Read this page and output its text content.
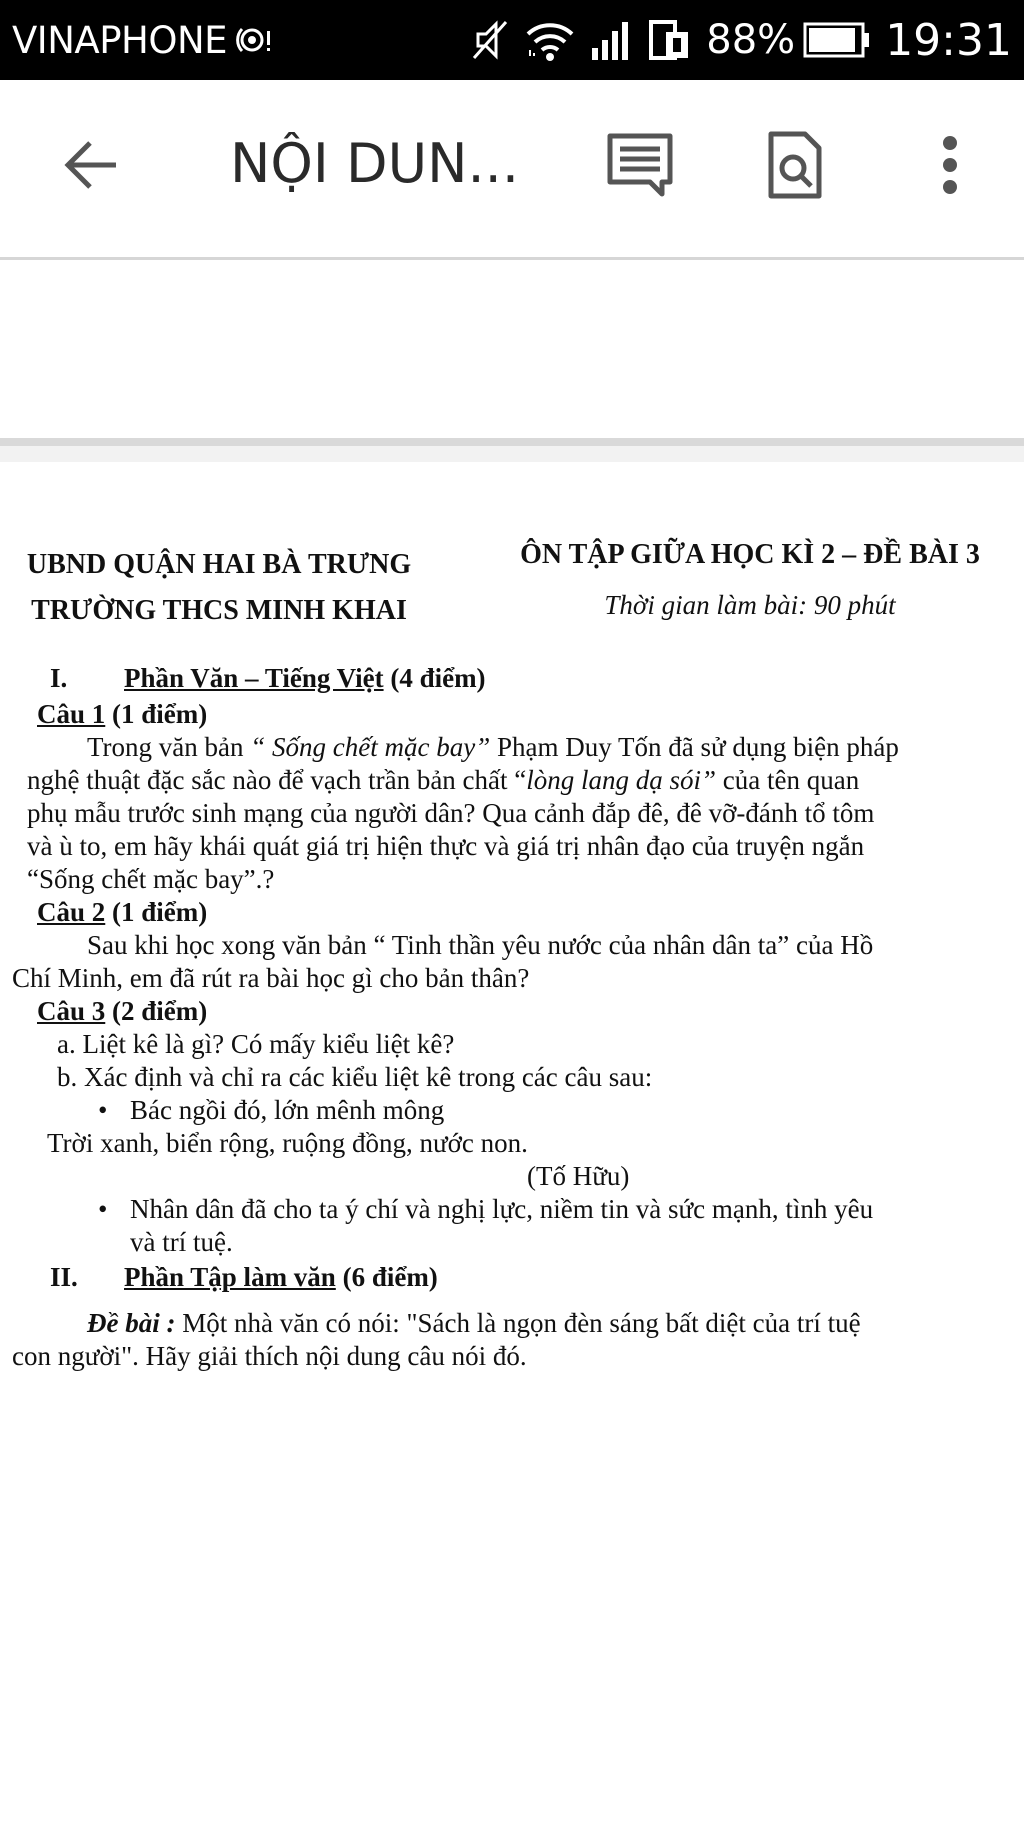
VINAPHONE	88% 19:31
NỘI DUN...
UBND QUẬN HAI BÀ TRƯNG
TRƯỜNG THCS MINH KHAI
ÔN TẬP GIỮA HỌC KÌ 2 – ĐỀ BÀI 3
Thời gian làm bài: 90 phút
I. Phần Văn – Tiếng Việt (4 điểm)
Câu 1 (1 điểm)
Trong văn bản “ Sống chết mặc bay” Phạm Duy Tốn đã sử dụng biện pháp
nghệ thuật đặc sắc nào để vạch trần bản chất “lòng lang dạ sói” của tên quan
phụ mẫu trước sinh mạng của người dân? Qua cảnh đắp đê, đê vỡ-đánh tổ tôm
và ù to, em hãy khái quát giá trị hiện thực và giá trị nhân đạo của truyện ngắn
“Sống chết mặc bay”.?
Câu 2 (1 điểm)
Sau khi học xong văn bản “ Tinh thần yêu nước của nhân dân ta” của Hồ
Chí Minh, em đã rút ra bài học gì cho bản thân?
Câu 3 (2 điểm)
a. Liệt kê là gì? Có mấy kiểu liệt kê?
b. Xác định và chỉ ra các kiểu liệt kê trong các câu sau:
• Bác ngồi đó, lớn mênh mông
Trời xanh, biển rộng, ruộng đồng, nước non.
(Tố Hữu)
• Nhân dân đã cho ta ý chí và nghị lực, niềm tin và sức mạnh, tình yêu
và trí tuệ.
II. Phần Tập làm văn (6 điểm)
Đề bài : Một nhà văn có nói: "Sách là ngọn đèn sáng bất diệt của trí tuệ
con người". Hãy giải thích nội dung câu nói đó.
